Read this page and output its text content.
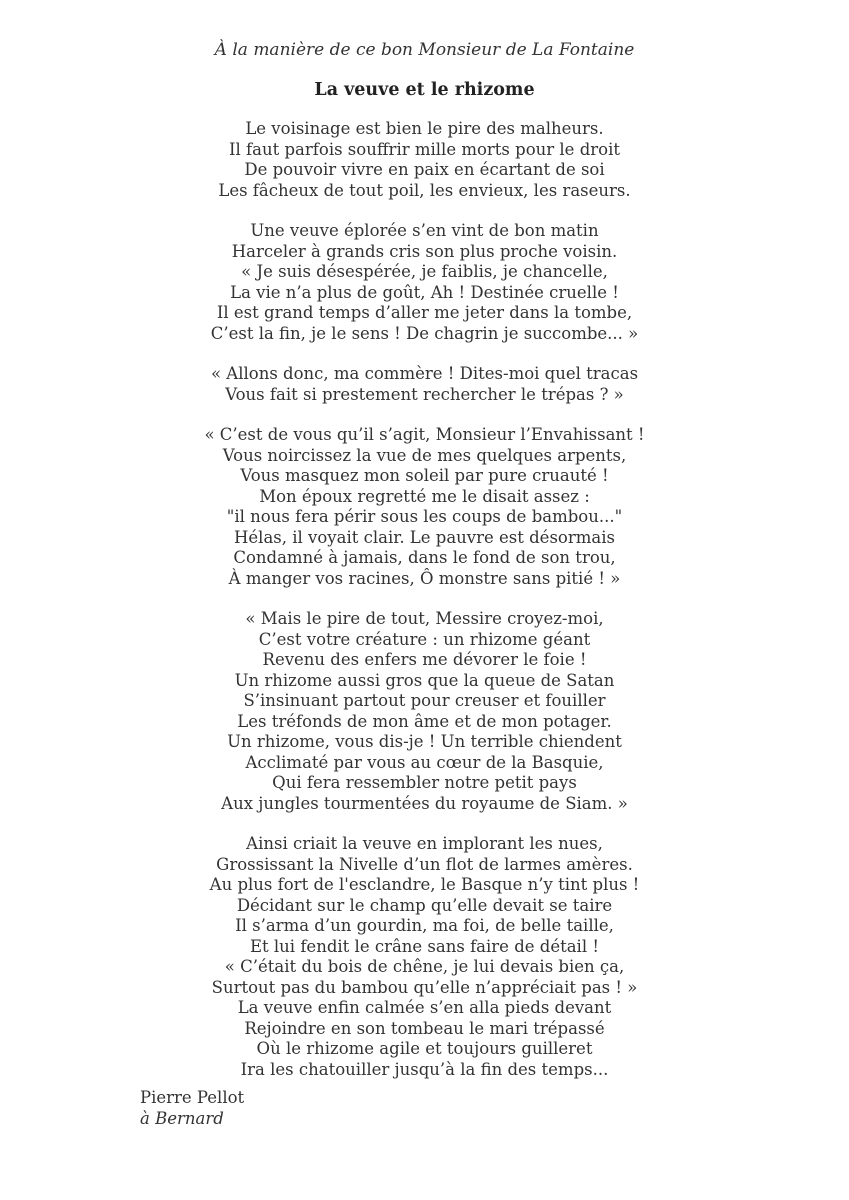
À la manière de ce bon Monsieur de La Fontaine

La veuve et le rhizome
Le voisinage est bien le pire des malheurs.
Il faut parfois souffrir mille morts pour le droit
De pouvoir vivre en paix en écartant de soi
Les fâcheux de tout poil, les envieux, les raseurs.
Une veuve éplorée s’en vint de bon matin
Harceler à grands cris son plus proche voisin.
« Je suis désespérée, je faiblis, je chancelle,
La vie n’a plus de goût, Ah ! Destinée cruelle !
Il est grand temps d’aller me jeter dans la tombe,
C’est la fin, je le sens ! De chagrin je succombe... »
« Allons donc, ma commère ! Dites-moi quel tracas
Vous fait si prestement rechercher le trépas ? »
« C’est de vous qu’il s’agit, Monsieur l’Envahissant !
Vous noircissez la vue de mes quelques arpents,
Vous masquez mon soleil par pure cruauté !
Mon époux regretté me le disait assez :
"il nous fera périr sous les coups de bambou..."
Hélas, il voyait clair. Le pauvre est désormais
Condamné à jamais, dans le fond de son trou,
À manger vos racines, Ô monstre sans pitié ! »
« Mais le pire de tout, Messire croyez-moi,
C’est votre créature : un rhizome géant
Revenu des enfers me dévorer le foie !
Un rhizome aussi gros que la queue de Satan
S’insinuant partout pour creuser et fouiller
Les tréfonds de mon âme et de mon potager.
Un rhizome, vous dis-je ! Un terrible chiendent
Acclimaté par vous au cœur de la Basquie,
Qui fera ressembler notre petit pays
Aux jungles tourmentées du royaume de Siam. »
Ainsi criait la veuve en implorant les nues,
Grossissant la Nivelle d’un flot de larmes amères.
Au plus fort de l'esclandre, le Basque n’y tint plus !
Décidant sur le champ qu’elle devait se taire
Il s’arma d’un gourdin, ma foi, de belle taille,
Et lui fendit le crâne sans faire de détail !
« C’était du bois de chêne, je lui devais bien ça,
Surtout pas du bambou qu’elle n’appréciait pas ! »
La veuve enfin calmée s’en alla pieds devant
Rejoindre en son tombeau le mari trépassé
Où le rhizome agile et toujours guilleret
Ira les chatouiller jusqu’à la fin des temps...

Pierre Pellot

à Bernard
